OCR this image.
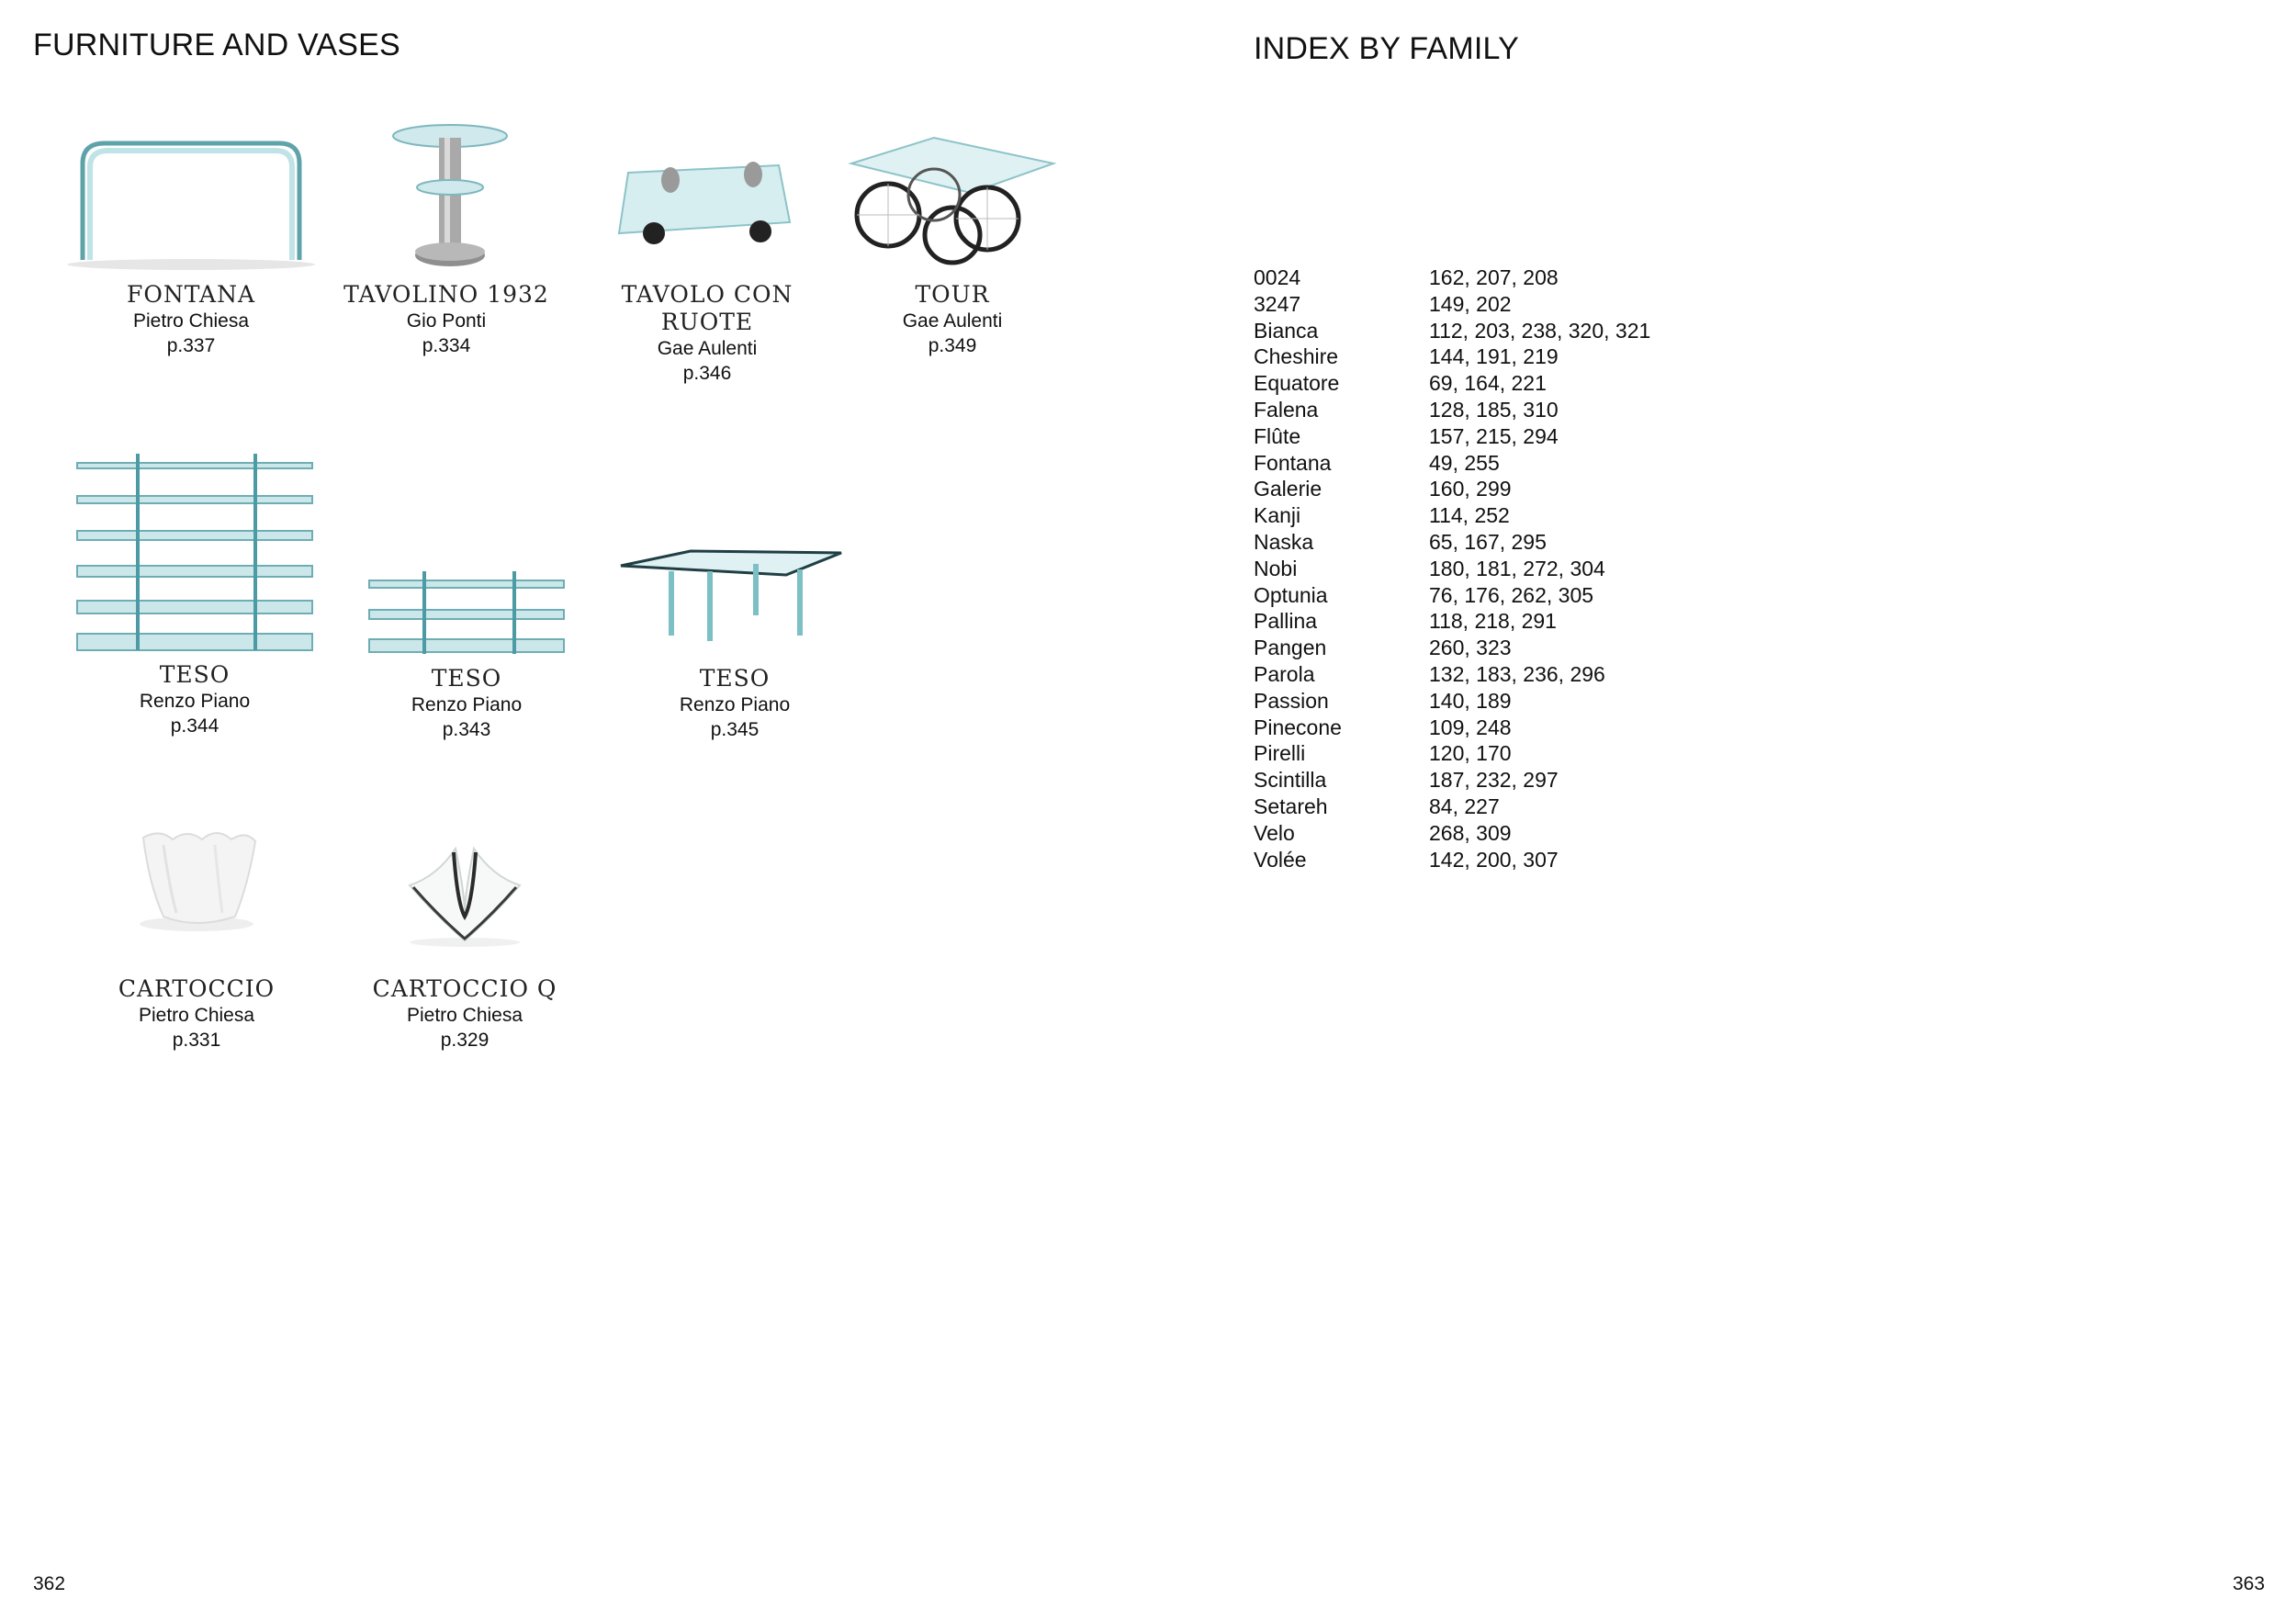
FURNITURE AND VASES
FONTANA
Pietro Chiesa
p.337
TAVOLINO 1932
Gio Ponti
p.334
TAVOLO CON RUOTE
Gae Aulenti
p.346
TOUR
Gae Aulenti
p.349
TESO
Renzo Piano
p.344
TESO
Renzo Piano
p.343
TESO
Renzo Piano
p.345
CARTOCCIO
Pietro Chiesa
p.331
CARTOCCIO Q
Pietro Chiesa
p.329
362
INDEX BY FAMILY
0024	162, 207, 208
3247	149, 202
Bianca	112, 203, 238, 320, 321
Cheshire	144, 191, 219
Equatore	69, 164, 221
Falena	128, 185, 310
Flûte	157, 215, 294
Fontana	49, 255
Galerie	160, 299
Kanji	114, 252
Naska	65, 167, 295
Nobi	180, 181, 272, 304
Optunia	76, 176, 262, 305
Pallina	118, 218, 291
Pangen	260, 323
Parola	132, 183, 236, 296
Passion	140, 189
Pinecone	109, 248
Pirelli	120, 170
Scintilla	187, 232, 297
Setareh	84, 227
Velo	268, 309
Volée	142, 200, 307
363
